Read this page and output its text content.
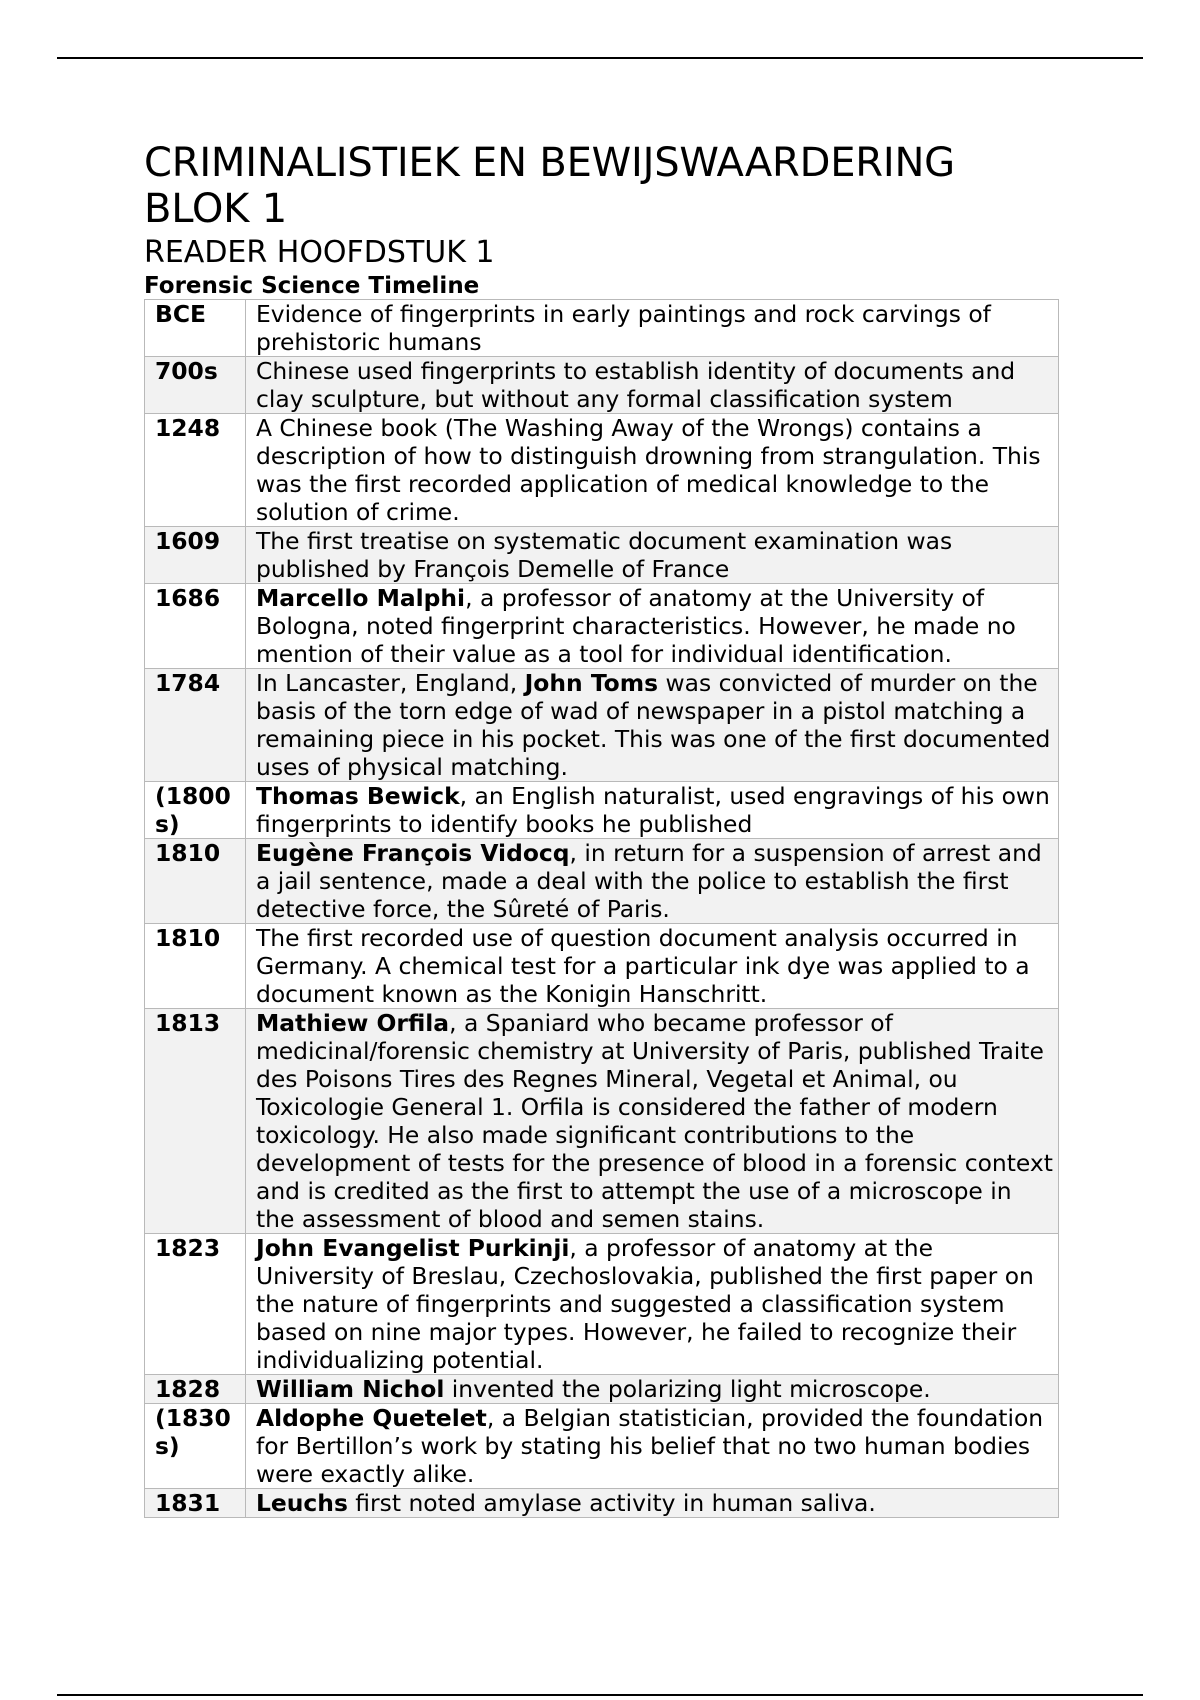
CRIMINALISTIEK EN BEWIJSWAARDERING BLOK 1
READER HOOFDSTUK 1
Forensic Science Timeline
BCE	Evidence of fingerprints in early paintings and rock carvings of prehistoric humans
700s	Chinese used fingerprints to establish identity of documents and clay sculpture, but without any formal classification system
1248	A Chinese book (The Washing Away of the Wrongs) contains a description of how to distinguish drowning from strangulation. This was the first recorded application of medical knowledge to the solution of crime.
1609	The first treatise on systematic document examination was published by François Demelle of France
1686	Marcello Malphi, a professor of anatomy at the University of Bologna, noted fingerprint characteristics. However, he made no mention of their value as a tool for individual identification.
1784	In Lancaster, England, John Toms was convicted of murder on the basis of the torn edge of wad of newspaper in a pistol matching a remaining piece in his pocket. This was one of the first documented uses of physical matching.
(1800s)	Thomas Bewick, an English naturalist, used engravings of his own fingerprints to identify books he published
1810	Eugène François Vidocq, in return for a suspension of arrest and a jail sentence, made a deal with the police to establish the first detective force, the Sûreté of Paris.
1810	The first recorded use of question document analysis occurred in Germany. A chemical test for a particular ink dye was applied to a document known as the Konigin Hanschritt.
1813	Mathiew Orfila, a Spaniard who became professor of medicinal/forensic chemistry at University of Paris, published Traite des Poisons Tires des Regnes Mineral, Vegetal et Animal, ou Toxicologie General 1. Orfila is considered the father of modern toxicology. He also made significant contributions to the development of tests for the presence of blood in a forensic context and is credited as the first to attempt the use of a microscope in the assessment of blood and semen stains.
1823	John Evangelist Purkinji, a professor of anatomy at the University of Breslau, Czechoslovakia, published the first paper on the nature of fingerprints and suggested a classification system based on nine major types. However, he failed to recognize their individualizing potential.
1828	William Nichol invented the polarizing light microscope.
(1830s)	Aldophe Quetelet, a Belgian statistician, provided the foundation for Bertillon’s work by stating his belief that no two human bodies were exactly alike.
1831	Leuchs first noted amylase activity in human saliva.
